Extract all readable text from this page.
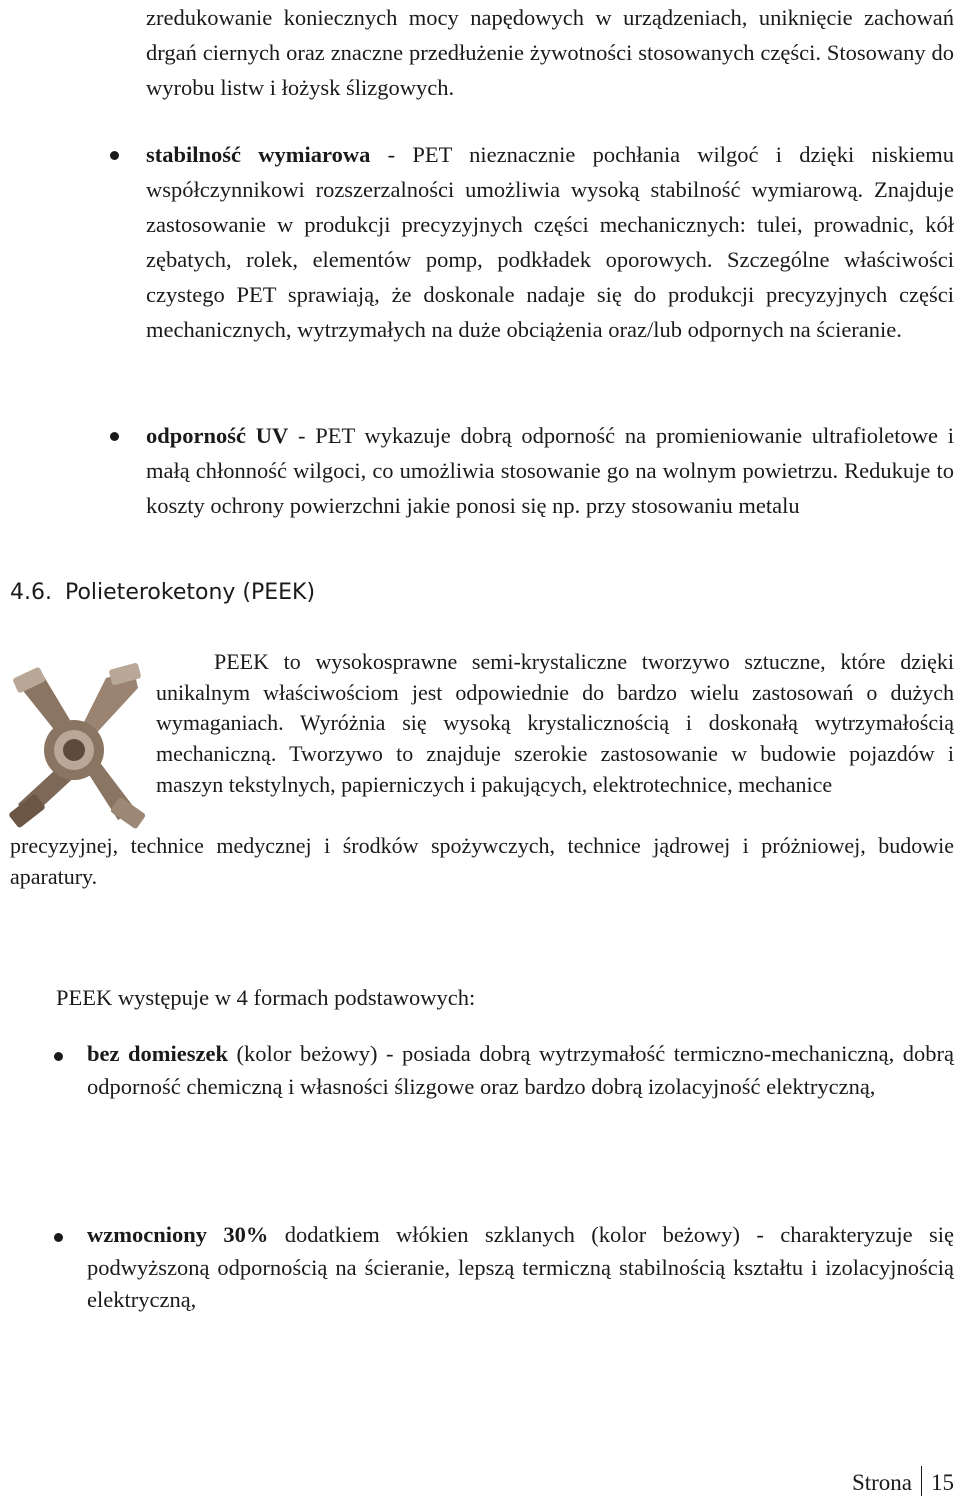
zredukowanie koniecznych mocy napędowych w urządzeniach, uniknięcie zachowań drgań ciernych oraz znaczne przedłużenie żywotności stosowanych części. Stosowany do wyrobu listw i łożysk ślizgowych.
stabilność wymiarowa - PET nieznacznie pochłania wilgoć i dzięki niskiemu współczynnikowi rozszerzalności umożliwia wysoką stabilność wymiarową. Znajduje zastosowanie w produkcji precyzyjnych części mechanicznych: tulei, prowadnic, kół zębatych, rolek, elementów pomp, podkładek oporowych. Szczególne właściwości czystego PET sprawiają, że doskonale nadaje się do produkcji precyzyjnych części mechanicznych, wytrzymałych na duże obciążenia oraz/lub odpornych na ścieranie.
odporność UV - PET wykazuje dobrą odporność na promieniowanie ultrafioletowe i małą chłonność wilgoci, co umożliwia stosowanie go na wolnym powietrzu. Redukuje to koszty ochrony powierzchni jakie ponosi się np. przy stosowaniu metalu
4.6. Polieteroketony (PEEK)
PEEK to wysokosprawne semi-krystaliczne tworzywo sztuczne, które dzięki unikalnym właściwościom jest odpowiednie do bardzo wielu zastosowań o dużych wymaganiach. Wyróżnia się wysoką krystalicznością i doskonałą wytrzymałością mechaniczną. Tworzywo to znajduje szerokie zastosowanie w budowie pojazdów i maszyn tekstylnych, papierniczych i pakujących, elektrotechnice, mechanice
precyzyjnej, technice medycznej i środków spożywczych, technice jądrowej i próżniowej, budowie aparatury.
PEEK występuje w 4 formach podstawowych:
bez domieszek (kolor beżowy) - posiada dobrą wytrzymałość termiczno-mechaniczną, dobrą odporność chemiczną i własności ślizgowe oraz bardzo dobrą izolacyjność elektryczną,
wzmocniony 30% dodatkiem włókien szklanych (kolor beżowy) - charakteryzuje się podwyższoną odpornością na ścieranie, lepszą termiczną stabilnością kształtu i izolacyjnością elektryczną,
Strona 15
